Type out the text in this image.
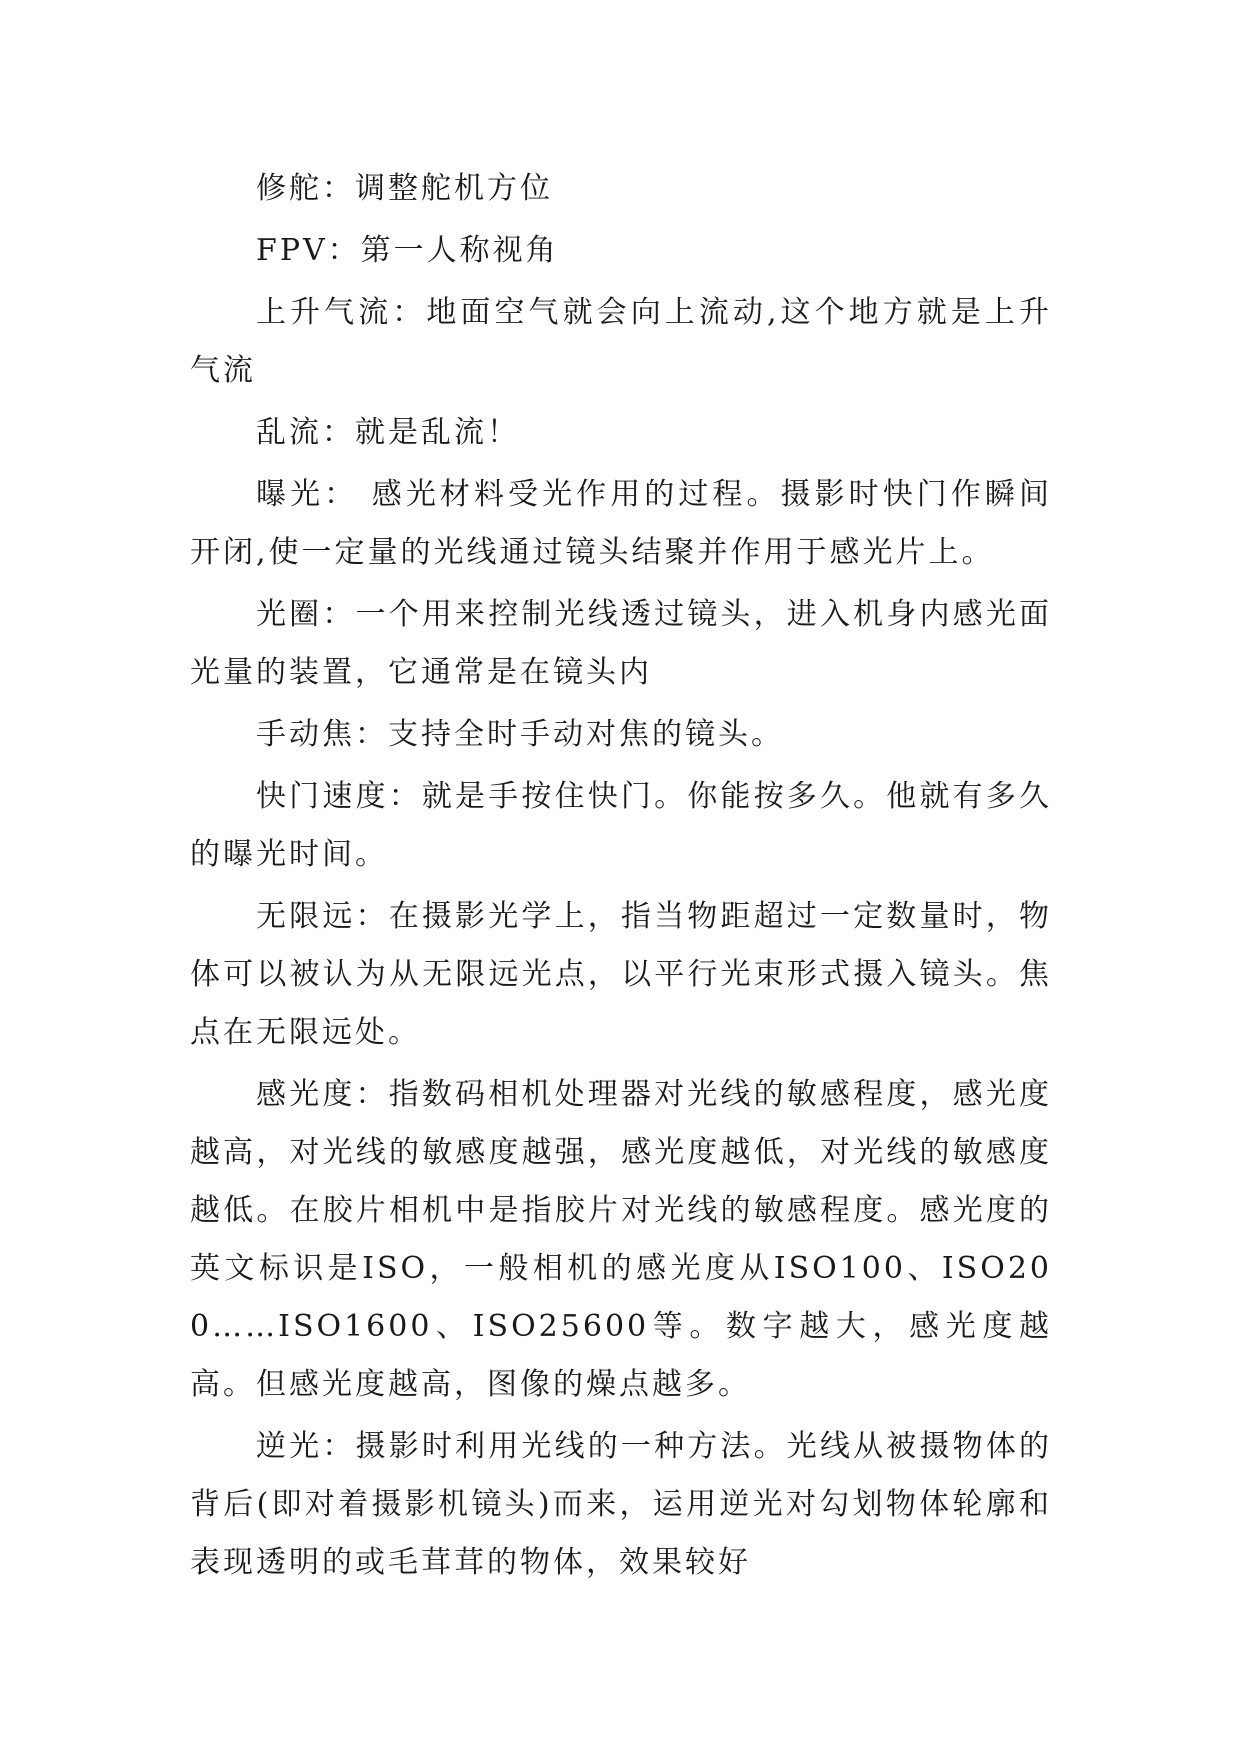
修舵：调整舵机方位

FPV：第一人称视角

上升气流：地面空气就会向上流动,这个地方就是上升气流

乱流：就是乱流！

曝光： 感光材料受光作用的过程。摄影时快门作瞬间开闭,使一定量的光线通过镜头结聚并作用于感光片上。

光圈：一个用来控制光线透过镜头，进入机身内感光面光量的装置，它通常是在镜头内

手动焦：支持全时手动对焦的镜头。

快门速度：就是手按住快门。你能按多久。他就有多久的曝光时间。

无限远：在摄影光学上，指当物距超过一定数量时，物体可以被认为从无限远光点，以平行光束形式摄入镜头。焦点在无限远处。

感光度：指数码相机处理器对光线的敏感程度，感光度越高，对光线的敏感度越强，感光度越低，对光线的敏感度越低。在胶片相机中是指胶片对光线的敏感程度。感光度的英文标识是ISO，一般相机的感光度从ISO100、ISO200……ISO1600、ISO25600等。数字越大，感光度越高。但感光度越高，图像的燥点越多。

逆光：摄影时利用光线的一种方法。光线从被摄物体的背后(即对着摄影机镜头)而来，运用逆光对勾划物体轮廓和表现透明的或毛茸茸的物体，效果较好
